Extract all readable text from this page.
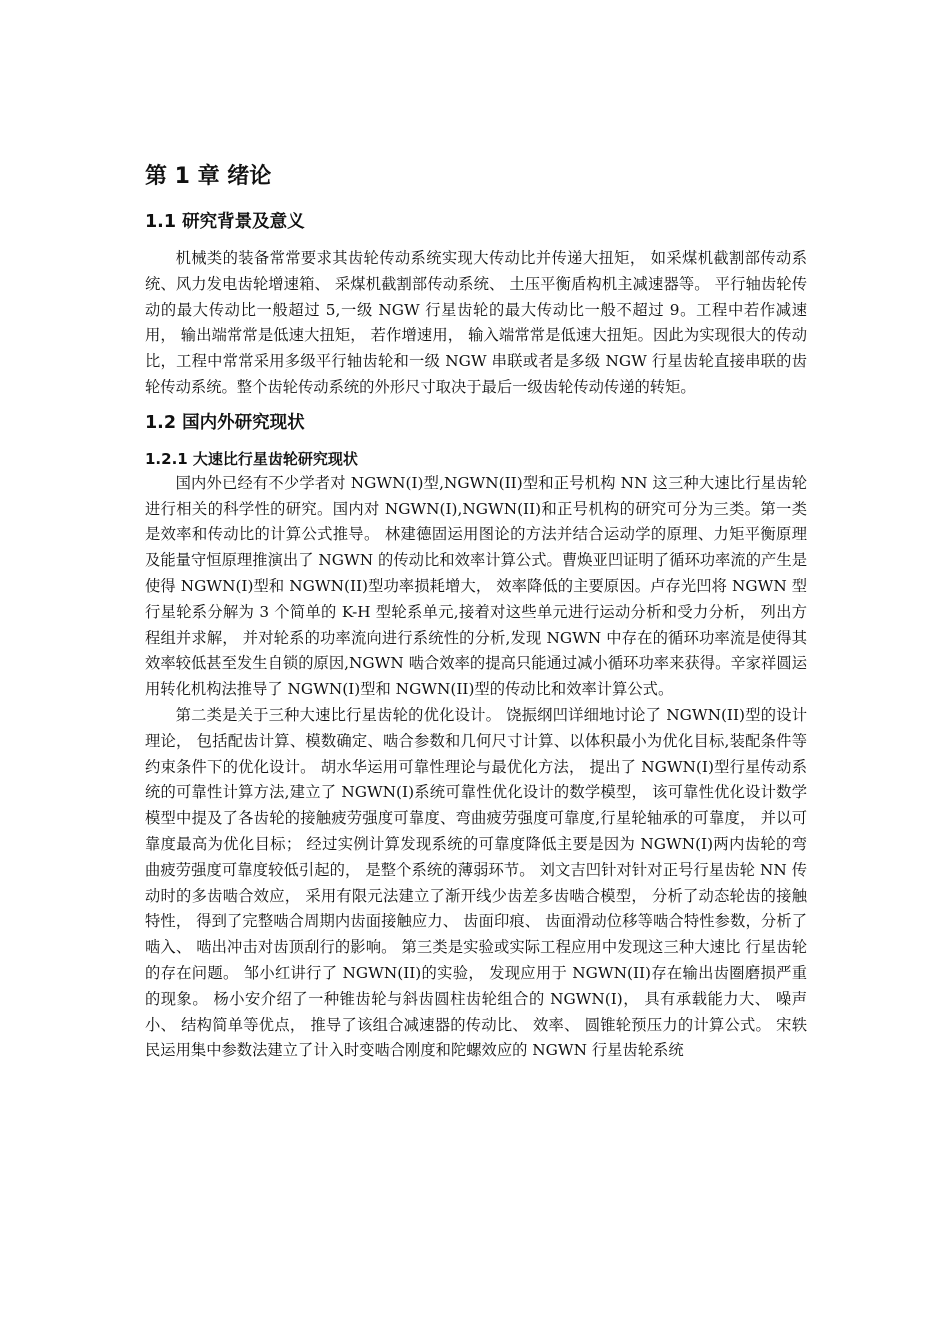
第 1 章 绪论
1.1 研究背景及意义

机械类的装备常常要求其齿轮传动系统实现大传动比并传递大扭矩， 如采煤机截割部传动系统、风力发电齿轮增速箱、 采煤机截割部传动系统、 土压平衡盾构机主减速器等。 平行轴齿轮传动的最大传动比一般超过 5,一级 NGW 行星齿轮的最大传动比一般不超过 9。工程中若作减速用， 输出端常常是低速大扭矩， 若作增速用， 输入端常常是低速大扭矩。因此为实现很大的传动比，工程中常常采用多级平行轴齿轮和一级 NGW 串联或者是多级 NGW 行星齿轮直接串联的齿轮传动系统。整个齿轮传动系统的外形尺寸取决于最后一级齿轮传动传递的转矩。

1.2 国内外研究现状
1.2.1 大速比行星齿轮研究现状

国内外已经有不少学者对 NGWN(I)型,NGWN(II)型和正号机构 NN 这三种大速比行星齿轮进行相关的科学性的研究。国内对 NGWN(I),NGWN(II)和正号机构的研究可分为三类。第一类是效率和传动比的计算公式推导。 林建德固运用图论的方法并结合运动学的原理、力矩平衡原理及能量守恒原理推演出了 NGWN 的传动比和效率计算公式。曹焕亚凹证明了循环功率流的产生是使得 NGWN(I)型和 NGWN(II)型功率损耗增大， 效率降低的主要原因。卢存光凹将 NGWN 型行星轮系分解为 3 个简单的 K-H 型轮系单元,接着对这些单元进行运动分析和受力分析， 列出方程组并求解， 并对轮系的功率流向进行系统性的分析,发现 NGWN 中存在的循环功率流是使得其效率较低甚至发生自锁的原因,NGWN 啮合效率的提高只能通过减小循环功率来获得。辛家祥圆运用转化机构法推导了 NGWN(I)型和 NGWN(II)型的传动比和效率计算公式。

第二类是关于三种大速比行星齿轮的优化设计。 饶振纲凹详细地讨论了 NGWN(II)型的设计理论， 包括配齿计算、模数确定、啮合参数和几何尺寸计算、以体积最小为优化目标,装配条件等约束条件下的优化设计。 胡水华运用可靠性理论与最优化方法， 提出了 NGWN(I)型行星传动系统的可靠性计算方法,建立了 NGWN(I)系统可靠性优化设计的数学模型， 该可靠性优化设计数学模型中提及了各齿轮的接触疲劳强度可靠度、弯曲疲劳强度可靠度,行星轮轴承的可靠度， 并以可靠度最高为优化目标； 经过实例计算发现系统的可靠度降低主要是因为 NGWN(I)两内齿轮的弯曲疲劳强度可靠度较低引起的， 是整个系统的薄弱环节。 刘文吉凹针对针对正号行星齿轮 NN 传动时的多齿啮合效应， 采用有限元法建立了渐开线少齿差多齿啮合模型， 分析了动态轮齿的接触特性， 得到了完整啮合周期内齿面接触应力、 齿面印痕、 齿面滑动位移等啮合特性参数，分析了啮入、 啮出冲击对齿顶刮行的影响。 第三类是实验或实际工程应用中发现这三种大速比 行星齿轮的存在问题。 邹小红讲行了 NGWN(II)的实验， 发现应用于 NGWN(II)存在输出齿圈磨损严重的现象。 杨小安介绍了一种锥齿轮与斜齿圆柱齿轮组合的 NGWN(I)， 具有承载能力大、 噪声小、 结构简单等优点， 推导了该组合减速器的传动比、 效率、 圆锥轮预压力的计算公式。 宋轶民运用集中参数法建立了计入时变啮合刚度和陀螺效应的 NGWN 行星齿轮系统
